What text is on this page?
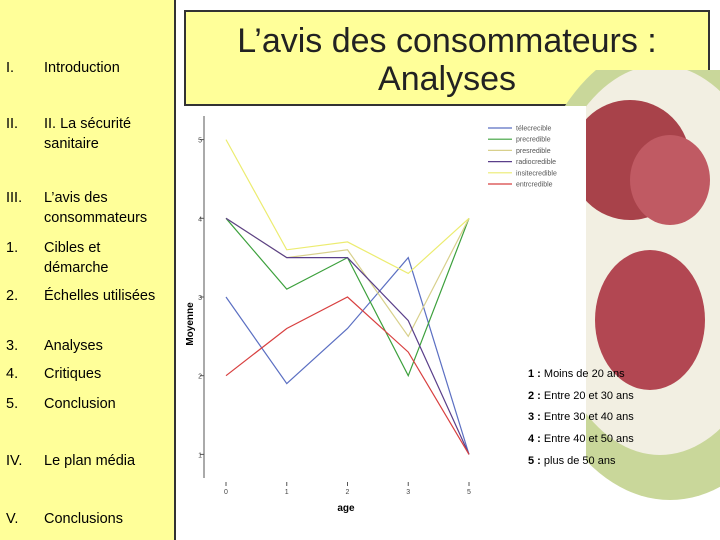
I. Introduction
II. II. La sécurité sanitaire
III. L’avis des consommateurs
1. Cibles et démarche
2. Échelles utilisées
3. Analyses
4. Critiques
5. Conclusion
IV. Le plan média
V. Conclusions
L’avis des consommateurs : Analyses
1
2
3
4
5
0	1	2	3	5
Moyenne
age
télecrecible
precredible
presredible
radiocredible
insitecredible
entrcredible
1 : Moins de 20 ans
2 : Entre 20 et 30 ans
3 : Entre 30 et 40 ans
4 : Entre 40 et 50 ans
5 : plus de 50 ans
